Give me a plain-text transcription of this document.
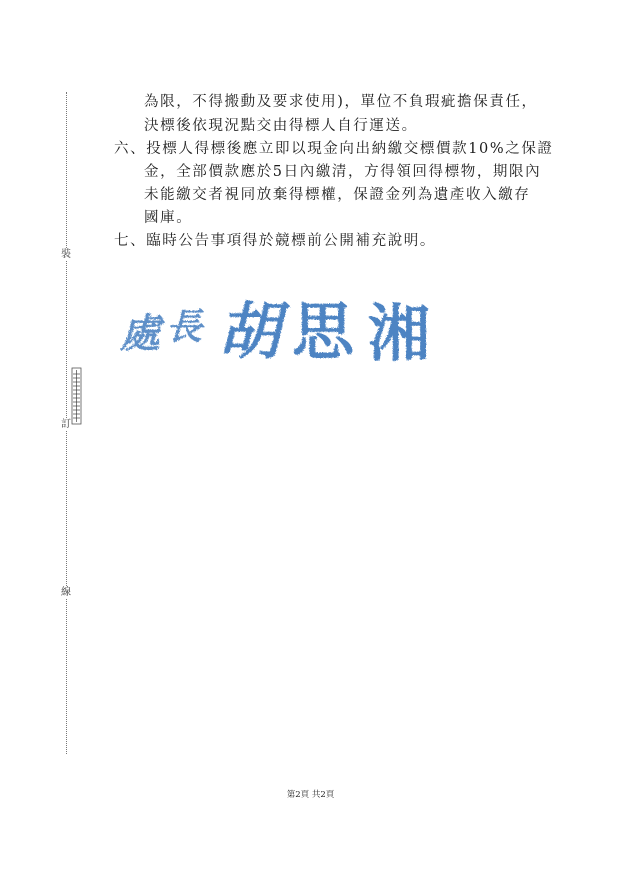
裝
訂
線
為限，不得搬動及要求使用)，單位不負瑕疵擔保責任，
決標後依現況點交由得標人自行運送。
六、投標人得標後應立即以現金向出納繳交標價款10%之保證
金，全部價款應於5日內繳清，方得領回得標物，期限內
未能繳交者視同放棄得標權，保證金列為遺產收入繳存
國庫。
七、臨時公告事項得於競標前公開補充說明。
處 長 胡 思 湘
第2頁 共2頁
